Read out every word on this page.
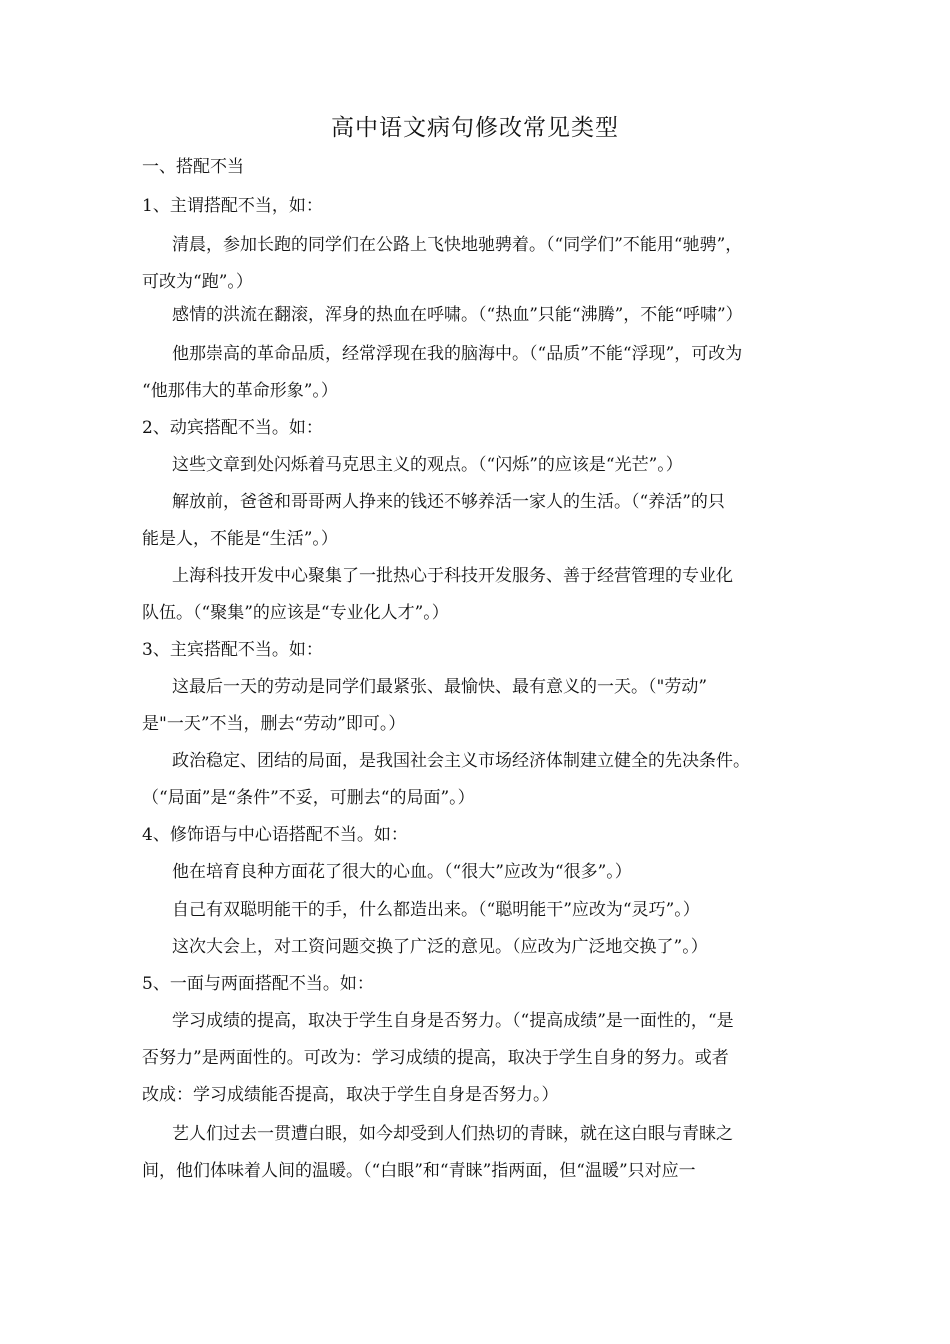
高中语文病句修改常见类型
一、搭配不当
1、主谓搭配不当，如：
清晨，参加长跑的同学们在公路上飞快地驰骋着。（“同学们”不能用“驰骋”，
可改为“跑”。）
感情的洪流在翻滚，浑身的热血在呼啸。（“热血”只能“沸腾”，不能“呼啸”）
他那崇高的革命品质，经常浮现在我的脑海中。（“品质”不能“浮现”，可改为
“他那伟大的革命形象”。）
2、动宾搭配不当。如：
这些文章到处闪烁着马克思主义的观点。（“闪烁”的应该是“光芒”。）
解放前，爸爸和哥哥两人挣来的钱还不够养活一家人的生活。（“养活”的只
能是人，不能是“生活”。）
上海科技开发中心聚集了一批热心于科技开发服务、善于经营管理的专业化
队伍。（“聚集”的应该是“专业化人才”。）
3、主宾搭配不当。如：
这最后一天的劳动是同学们最紧张、最愉快、最有意义的一天。（"劳动”
是"一天”不当，删去“劳动”即可。）
政治稳定、团结的局面，是我国社会主义市场经济体制建立健全的先决条件。
（“局面”是“条件”不妥，可删去“的局面”。）
4、修饰语与中心语搭配不当。如：
他在培育良种方面花了很大的心血。（“很大”应改为“很多”。）
自己有双聪明能干的手，什么都造出来。（“聪明能干”应改为“灵巧”。）
这次大会上，对工资问题交换了广泛的意见。（应改为广泛地交换了”。）
5、一面与两面搭配不当。如：
学习成绩的提高，取决于学生自身是否努力。（“提高成绩”是一面性的，“是
否努力”是两面性的。可改为：学习成绩的提高，取决于学生自身的努力。或者
改成：学习成绩能否提高，取决于学生自身是否努力。）
艺人们过去一贯遭白眼，如今却受到人们热切的青睐，就在这白眼与青睐之
间，他们体味着人间的温暖。（“白眼”和“青睐”指两面，但“温暖”只对应一
